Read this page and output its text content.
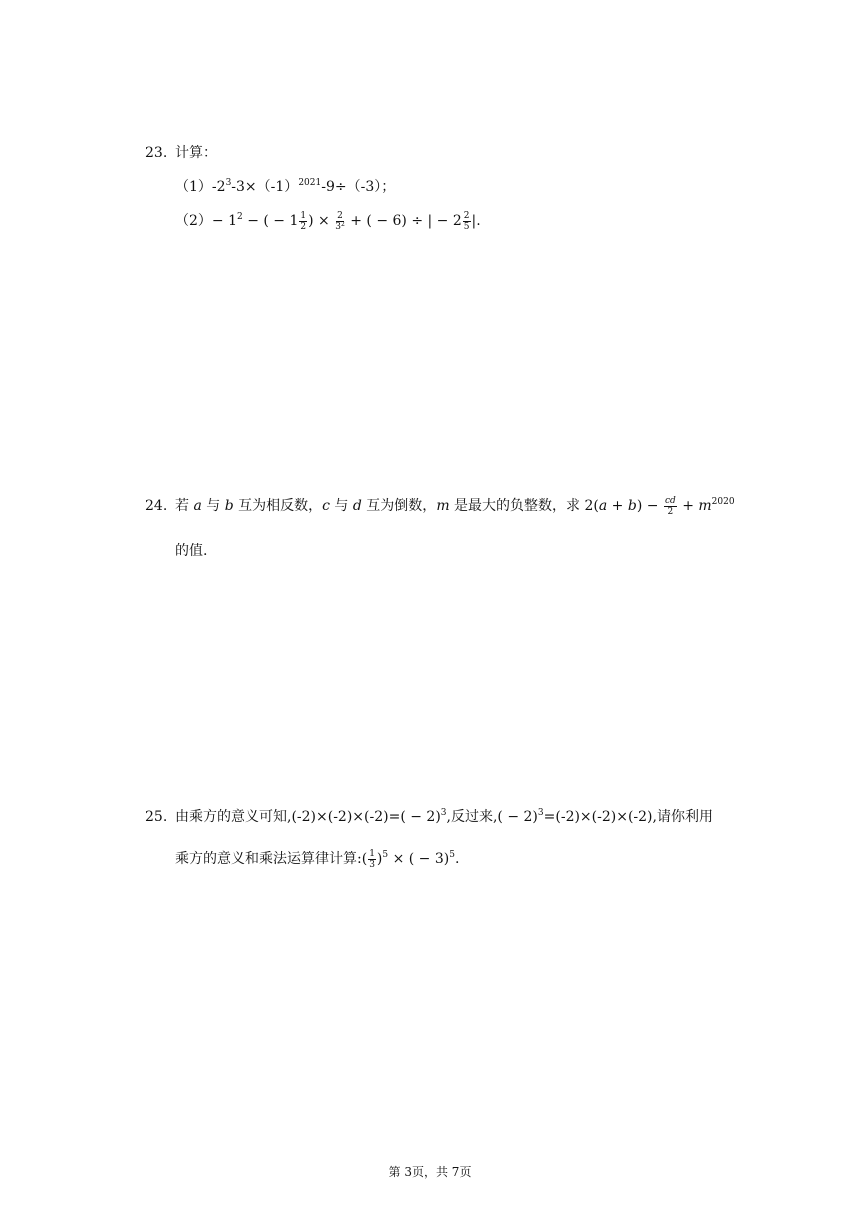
23. 计算：
$(1)-2^3-3\times(-1)^{2021}-9\div(-3)$；
$(2)- 1^2$ − ( − $1 \frac{1}{2}$ ) × $\frac{2}{3^2}$ + ( − 6) ÷ | − $2 \frac{2}{5}$ |.
24. 若 a 与 b 互为相反数，c 与 d 互为倒数，m 是最大的负整数，求 $2(a + b) - \frac{cd}{2} + m^{2020}$
的值.
25. 由乘方的意义可知$,(-2)\times(-2)\times(-2)=( - 2)^3$,反过来,( − 2)$^3$=(-2)×(-2)×(-2),请你利用
乘方的意义和乘法运算律计算:( $\frac{1}{3} )^5$ × ( − 3)$^5$.
第 3页，共 7页
